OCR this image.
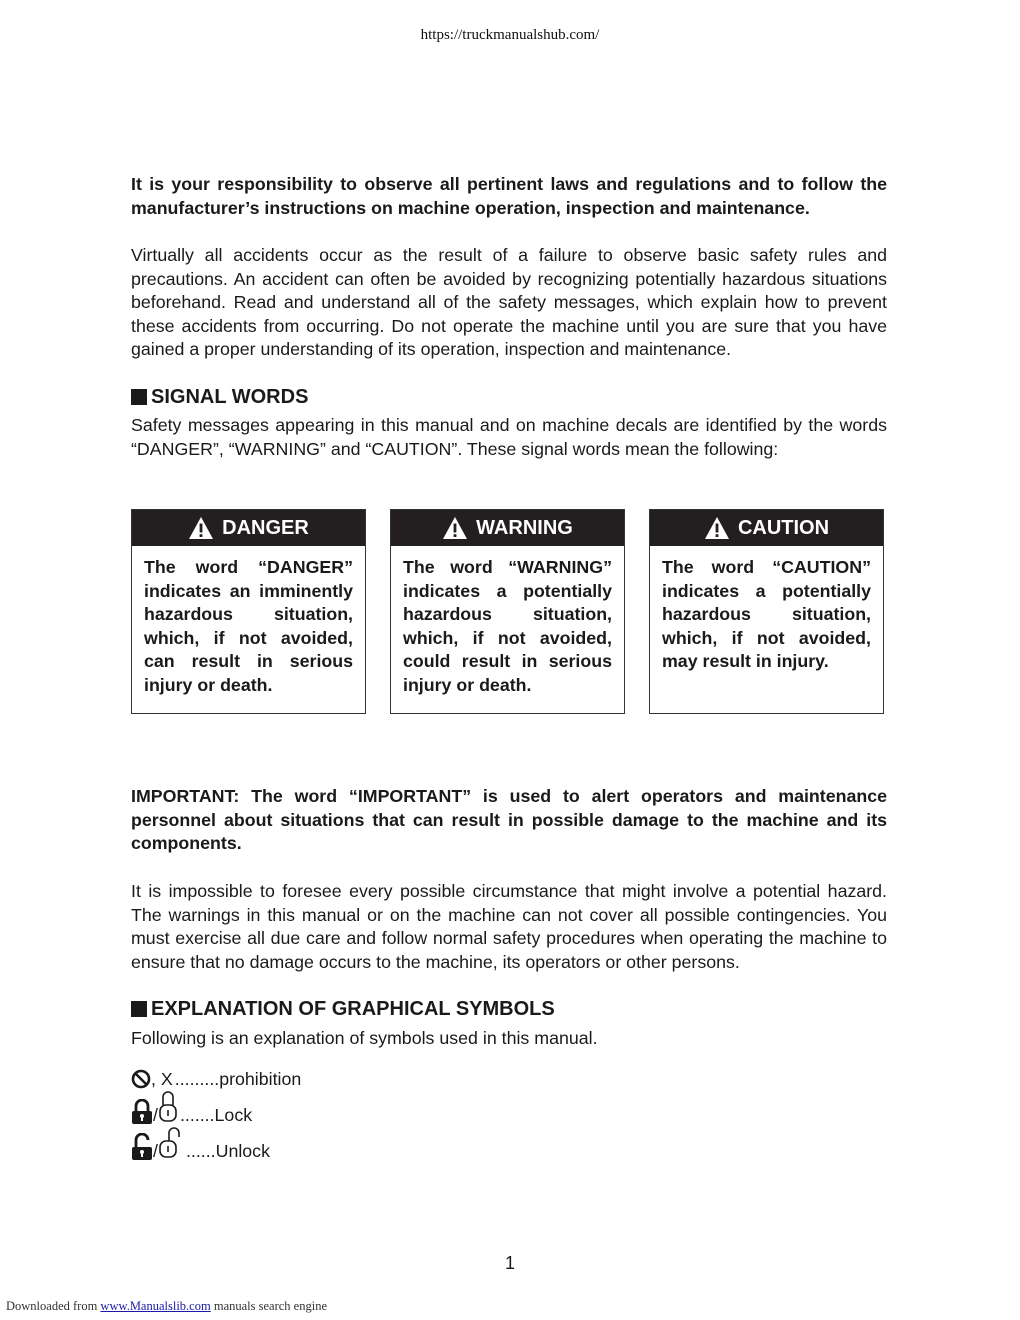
https://truckmanualshub.com/

It is your responsibility to observe all pertinent laws and regulations and to follow the manufacturer’s instructions on machine operation, inspection and maintenance.

Virtually all accidents occur as the result of a failure to observe basic safety rules and precautions. An accident can often be avoided by recognizing potentially hazardous situations beforehand. Read and understand all of the safety messages, which explain how to prevent these accidents from occurring. Do not operate the machine until you are sure that you have gained a proper understanding of its operation, inspection and maintenance.

SIGNAL WORDS

Safety messages appearing in this manual and on machine decals are identified by the words “DANGER”, “WARNING” and “CAUTION”. These signal words mean the following:

DANGER
The word “DANGER” indicates an imminently hazardous situation, which, if not avoided, can result in serious injury or death.
WARNING
The word “WARNING” indicates a potentially hazardous situation, which, if not avoided, could result in serious injury or death.
CAUTION
The word “CAUTION” indicates a potentially hazardous situation, which, if not avoided, may result in injury.

IMPORTANT: The word “IMPORTANT” is used to alert operators and maintenance personnel about situations that can result in possible damage to the machine and its components.

It is impossible to foresee every possible circumstance that might involve a potential hazard. The warnings in this manual or on the machine can not cover all possible contingencies. You must exercise all due care and follow normal safety procedures when operating the machine to ensure that no damage occurs to the machine, its operators or other persons.

EXPLANATION OF GRAPHICAL SYMBOLS

Following is an explanation of symbols used in this manual.

, X ......... prohibition
/ ....... Lock
/ ...... Unlock
1
Downloaded from www.Manualslib.com manuals search engine
